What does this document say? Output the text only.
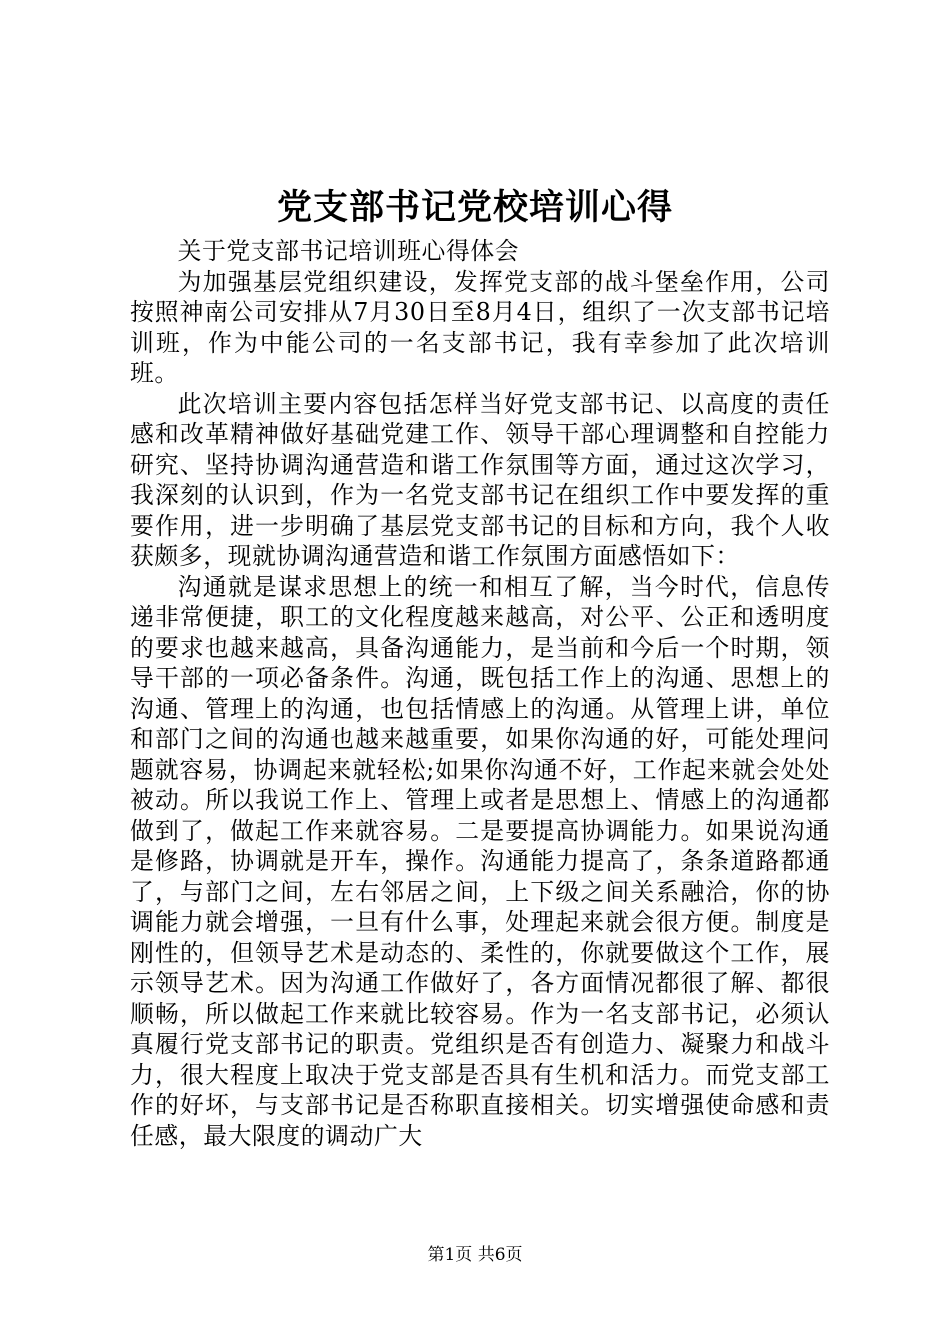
党支部书记党校培训心得

关于党支部书记培训班心得体会

为加强基层党组织建设，发挥党支部的战斗堡垒作用，公司按照神南公司安排从7月30日至8月4日，组织了一次支部书记培训班，作为中能公司的一名支部书记，我有幸参加了此次培训班。

此次培训主要内容包括怎样当好党支部书记、以高度的责任感和改革精神做好基础党建工作、领导干部心理调整和自控能力研究、坚持协调沟通营造和谐工作氛围等方面，通过这次学习，我深刻的认识到，作为一名党支部书记在组织工作中要发挥的重要作用，进一步明确了基层党支部书记的目标和方向，我个人收获颇多，现就协调沟通营造和谐工作氛围方面感悟如下：

沟通就是谋求思想上的统一和相互了解，当今时代，信息传递非常便捷，职工的文化程度越来越高，对公平、公正和透明度的要求也越来越高，具备沟通能力，是当前和今后一个时期，领导干部的一项必备条件。沟通，既包括工作上的沟通、思想上的沟通、管理上的沟通，也包括情感上的沟通。从管理上讲，单位和部门之间的沟通也越来越重要，如果你沟通的好，可能处理问题就容易，协调起来就轻松;如果你沟通不好，工作起来就会处处被动。所以我说工作上、管理上或者是思想上、情感上的沟通都做到了，做起工作来就容易。二是要提高协调能力。如果说沟通是修路，协调就是开车，操作。沟通能力提高了，条条道路都通了，与部门之间，左右邻居之间，上下级之间关系融洽，你的协调能力就会增强，一旦有什么事，处理起来就会很方便。制度是刚性的，但领导艺术是动态的、柔性的，你就要做这个工作，展示领导艺术。因为沟通工作做好了，各方面情况都很了解、都很顺畅，所以做起工作来就比较容易。作为一名支部书记，必须认真履行党支部书记的职责。党组织是否有创造力、凝聚力和战斗力，很大程度上取决于党支部是否具有生机和活力。而党支部工作的好坏，与支部书记是否称职直接相关。切实增强使命感和责任感，最大限度的调动广大

第1页 共6页
